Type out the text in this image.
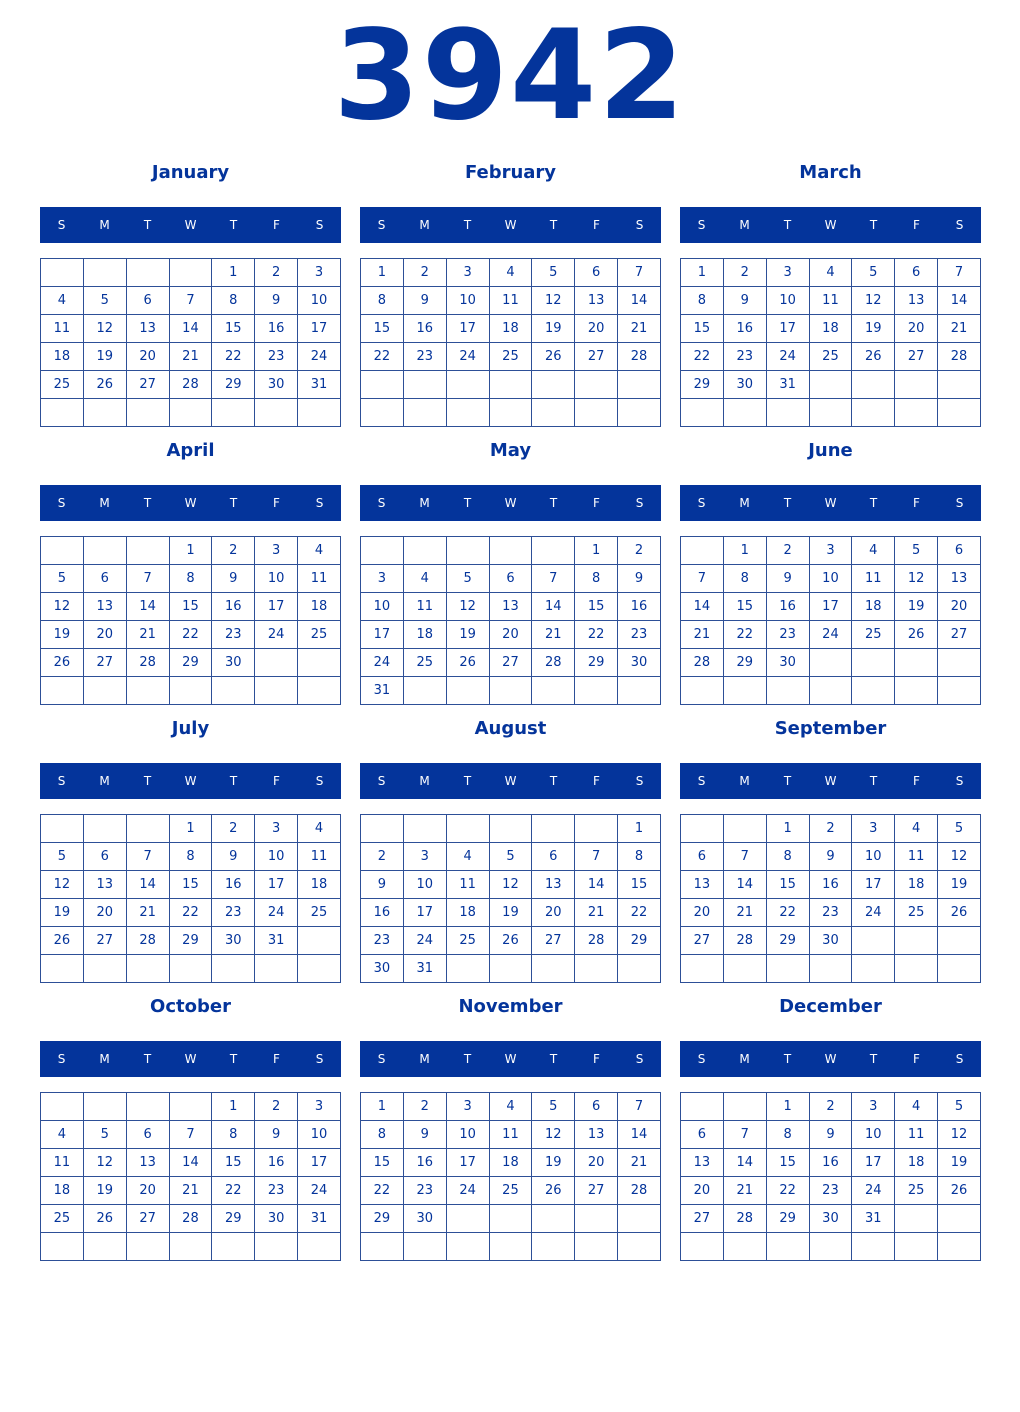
3942
January
S	M	T	W	T	F	S
				1	2	3
4	5	6	7	8	9	10
11	12	13	14	15	16	17
18	19	20	21	22	23	24
25	26	27	28	29	30	31

February
S	M	T	W	T	F	S
1	2	3	4	5	6	7
8	9	10	11	12	13	14
15	16	17	18	19	20	21
22	23	24	25	26	27	28

March
S	M	T	W	T	F	S
1	2	3	4	5	6	7
8	9	10	11	12	13	14
15	16	17	18	19	20	21
22	23	24	25	26	27	28
29	30	31				

April
S	M	T	W	T	F	S
			1	2	3	4
5	6	7	8	9	10	11
12	13	14	15	16	17	18
19	20	21	22	23	24	25
26	27	28	29	30		

May
S	M	T	W	T	F	S
					1	2
3	4	5	6	7	8	9
10	11	12	13	14	15	16
17	18	19	20	21	22	23
24	25	26	27	28	29	30
31						
June
S	M	T	W	T	F	S
	1	2	3	4	5	6
7	8	9	10	11	12	13
14	15	16	17	18	19	20
21	22	23	24	25	26	27
28	29	30				

July
S	M	T	W	T	F	S
			1	2	3	4
5	6	7	8	9	10	11
12	13	14	15	16	17	18
19	20	21	22	23	24	25
26	27	28	29	30	31	

August
S	M	T	W	T	F	S
						1
2	3	4	5	6	7	8
9	10	11	12	13	14	15
16	17	18	19	20	21	22
23	24	25	26	27	28	29
30	31					
September
S	M	T	W	T	F	S
		1	2	3	4	5
6	7	8	9	10	11	12
13	14	15	16	17	18	19
20	21	22	23	24	25	26
27	28	29	30			

October
S	M	T	W	T	F	S
				1	2	3
4	5	6	7	8	9	10
11	12	13	14	15	16	17
18	19	20	21	22	23	24
25	26	27	28	29	30	31

November
S	M	T	W	T	F	S
1	2	3	4	5	6	7
8	9	10	11	12	13	14
15	16	17	18	19	20	21
22	23	24	25	26	27	28
29	30					

December
S	M	T	W	T	F	S
		1	2	3	4	5
6	7	8	9	10	11	12
13	14	15	16	17	18	19
20	21	22	23	24	25	26
27	28	29	30	31		
